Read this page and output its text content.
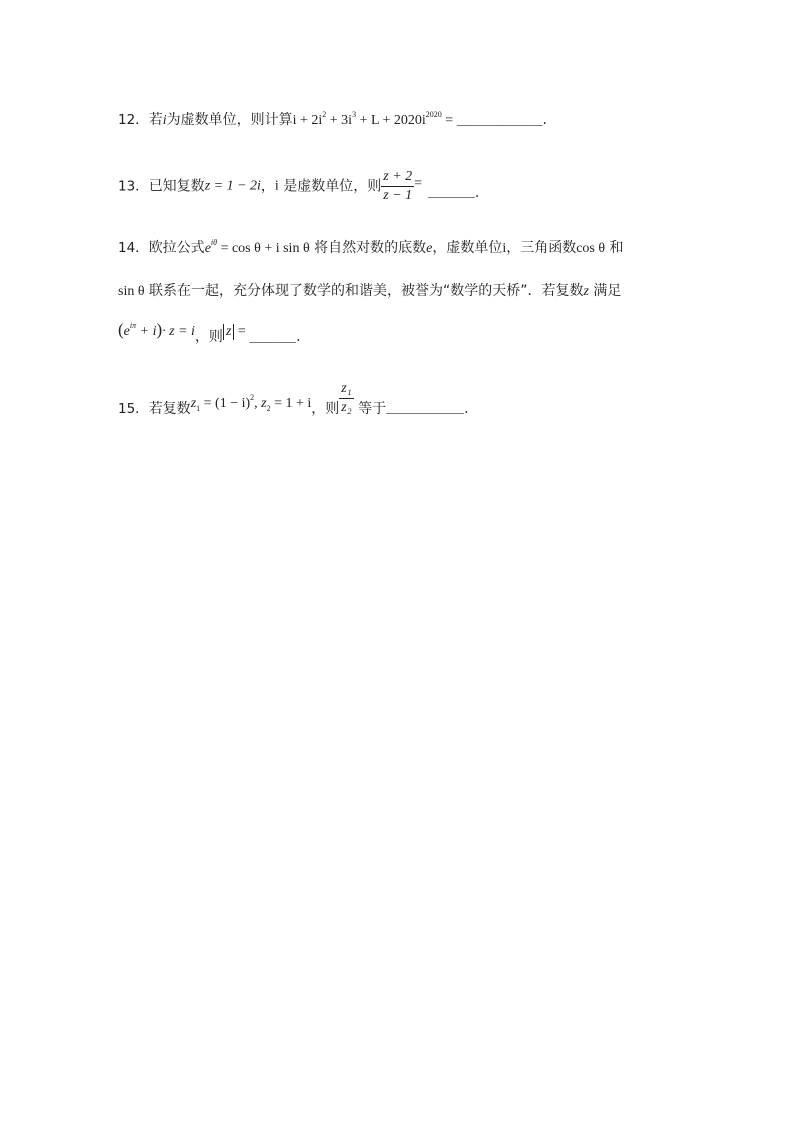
12．若i为虚数单位，则计算$i + 2i^2 + 3i^3 + L + 2020i^{2020}$ = ___________.
13．已知复数z = 1 − 2i，i 是虚数单位，则 $\frac{z + 2}{z - 1}$ =______.
14．欧拉公式$e^{i\theta} = \cos \theta + i$ sin θ 将自然对数的底数e，虚数单位i，三角函数cos θ 和
sin θ 联系在一起，充分体现了数学的和谐美，被誉为“数学的天桥”．若复数z 满足
$(e^{i\pi} + i)\cdot z = i$，则 z = ______.
15．若复数$z_1 = (1 - i)^2$, $z_2 = 1 + i$，则 $\frac{\text{z₁}}{\text{z₂}}$ 等于__________.
